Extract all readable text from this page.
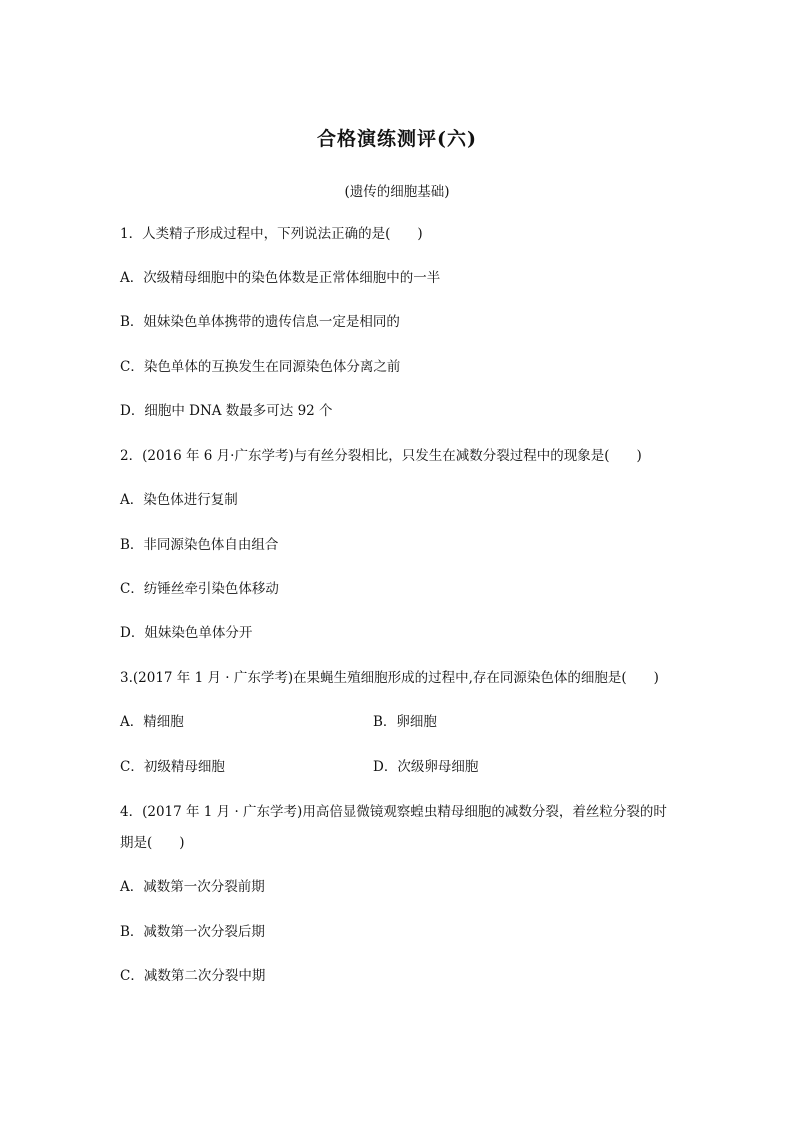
合格演练测评(六)
(遗传的细胞基础)
1．人类精子形成过程中，下列说法正确的是(　　)
A．次级精母细胞中的染色体数是正常体细胞中的一半
B．姐妹染色单体携带的遗传信息一定是相同的
C．染色单体的互换发生在同源染色体分离之前
D．细胞中 DNA 数最多可达 92 个
2．(2016 年 6 月·广东学考)与有丝分裂相比，只发生在减数分裂过程中的现象是(　　)
A．染色体进行复制
B．非同源染色体自由组合
C．纺锤丝牵引染色体移动
D．姐妹染色单体分开
3.(2017 年 1 月 · 广东学考)在果蝇生殖细胞形成的过程中,存在同源染色体的细胞是(　　)
A．精细胞	B．卵细胞
C．初级精母细胞	D．次级卵母细胞
4．(2017 年 1 月 · 广东学考)用高倍显微镜观察蝗虫精母细胞的减数分裂，着丝粒分裂的时
期是(　　)
A．减数第一次分裂前期
B．减数第一次分裂后期
C．减数第二次分裂中期
